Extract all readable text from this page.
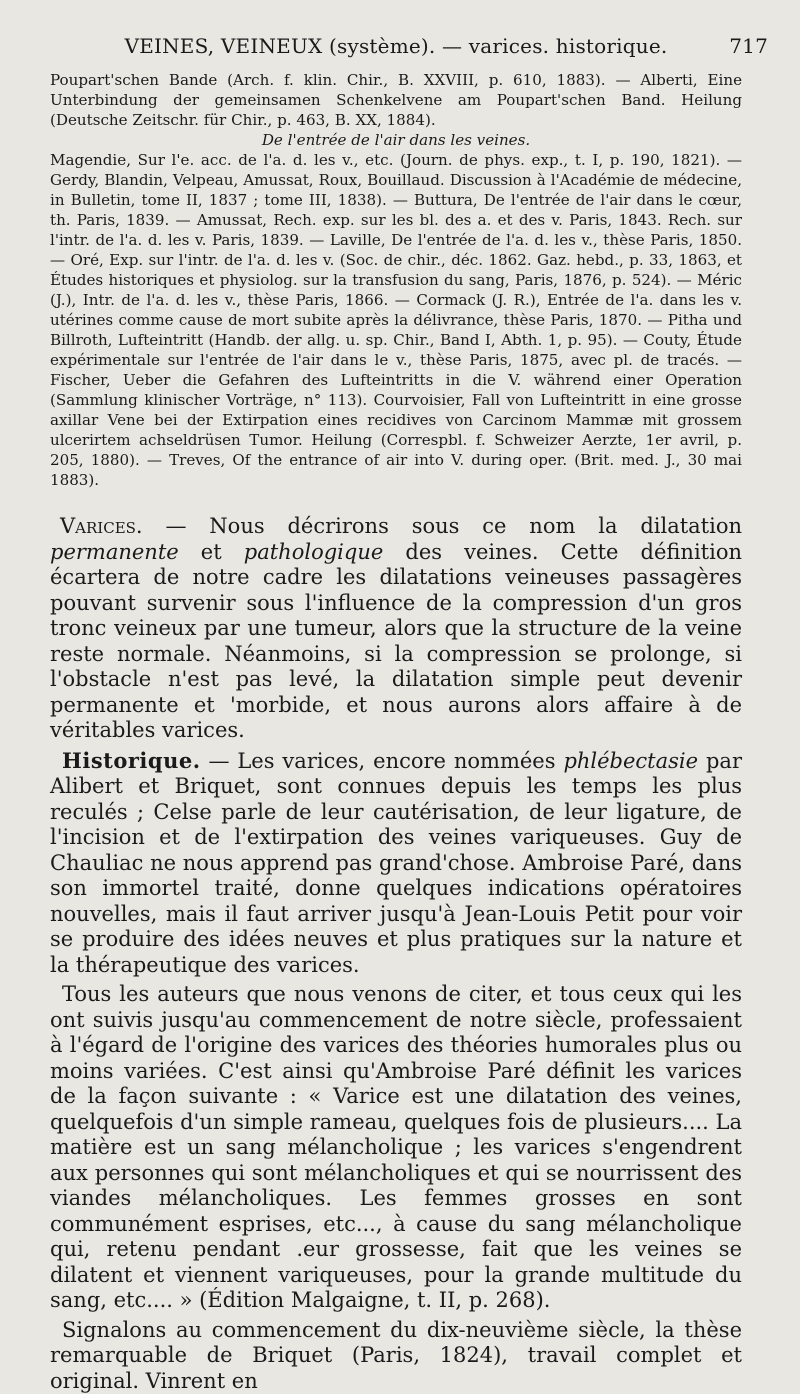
VEINES, VEINEUX (système). — varices. historique.	717

Poupart'schen Bande (Arch. f. klin. Chir., B. XXVIII, p. 610, 1883). — Alberti, Eine Unterbindung der gemeinsamen Schenkelvene am Poupart'schen Band. Heilung (Deutsche Zeitschr. für Chir., p. 463, B. XX, 1884).

De l'entrée de l'air dans les veines.

Magendie, Sur l'e. acc. de l'a. d. les v., etc. (Journ. de phys. exp., t. I, p. 190, 1821). — Gerdy, Blandin, Velpeau, Amussat, Roux, Bouillaud. Discussion à l'Académie de médecine, in Bulletin, tome II, 1837 ; tome III, 1838). — Buttura, De l'entrée de l'air dans le cœur, th. Paris, 1839. — Amussat, Rech. exp. sur les bl. des a. et des v. Paris, 1843. Rech. sur l'intr. de l'a. d. les v. Paris, 1839. — Laville, De l'entrée de l'a. d. les v., thèse Paris, 1850. — Oré, Exp. sur l'intr. de l'a. d. les v. (Soc. de chir., déc. 1862. Gaz. hebd., p. 33, 1863, et Études historiques et physiolog. sur la transfusion du sang, Paris, 1876, p. 524). — Méric (J.), Intr. de l'a. d. les v., thèse Paris, 1866. — Cormack (J. R.), Entrée de l'a. dans les v. utérines comme cause de mort subite après la délivrance, thèse Paris, 1870. — Pitha und Billroth, Lufteintritt (Handb. der allg. u. sp. Chir., Band I, Abth. 1, p. 95). — Couty, Étude expérimentale sur l'entrée de l'air dans le v., thèse Paris, 1875, avec pl. de tracés. — Fischer, Ueber die Gefahren des Lufteintritts in die V. während einer Operation (Sammlung klinischer Vorträge, n° 113). Courvoisier, Fall von Lufteintritt in eine grosse axillar Vene bei der Extirpation eines recidives von Carcinom Mammæ mit grossem ulcerirtem achseldrüsen Tumor. Heilung (Correspbl. f. Schweizer Aerzte, 1er avril, p. 205, 1880). — Treves, Of the entrance of air into V. during oper. (Brit. med. J., 30 mai 1883).

Varices. — Nous décrirons sous ce nom la dilatation permanente et pathologique des veines. Cette définition écartera de notre cadre les dilatations veineuses passagères pouvant survenir sous l'influence de la compression d'un gros tronc veineux par une tumeur, alors que la structure de la veine reste normale. Néanmoins, si la compression se prolonge, si l'obstacle n'est pas levé, la dilatation simple peut devenir permanente et 'morbide, et nous aurons alors affaire à de véritables varices.

Historique. — Les varices, encore nommées phlébectasie par Alibert et Briquet, sont connues depuis les temps les plus reculés ; Celse parle de leur cautérisation, de leur ligature, de l'incision et de l'extirpation des veines variqueuses. Guy de Chauliac ne nous apprend pas grand'chose. Ambroise Paré, dans son immortel traité, donne quelques indications opératoires nouvelles, mais il faut arriver jusqu'à Jean-Louis Petit pour voir se produire des idées neuves et plus pratiques sur la nature et la thérapeutique des varices.

Tous les auteurs que nous venons de citer, et tous ceux qui les ont suivis jusqu'au commencement de notre siècle, professaient à l'égard de l'origine des varices des théories humorales plus ou moins variées. C'est ainsi qu'Ambroise Paré définit les varices de la façon suivante : « Varice est une dilatation des veines, quelquefois d'un simple rameau, quelques fois de plusieurs.... La matière est un sang mélancholique ; les varices s'engendrent aux personnes qui sont mélancholiques et qui se nourrissent des viandes mélancholiques. Les femmes grosses en sont communément esprises, etc..., à cause du sang mélancholique qui, retenu pendant .eur grossesse, fait que les veines se dilatent et viennent variqueuses, pour la grande multitude du sang, etc.... » (Édition Malgaigne, t. II, p. 268).

Signalons au commencement du dix-neuvième siècle, la thèse remarquable de Briquet (Paris, 1824), travail complet et original. Vinrent en
